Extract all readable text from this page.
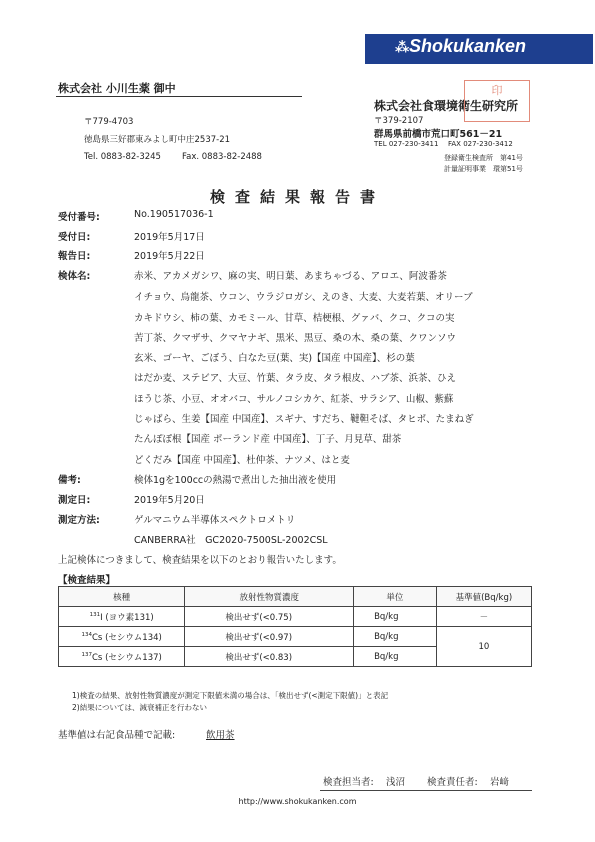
⁂ Shokukanken
株式会社 小川生薬 御中
〒779-4703
徳島県三好郡東みよし町中庄2537-21
Tel. 0883-82-3245 Fax. 0883-82-2488
株式会社食環境衛生研究所
印
〒379-2107
群馬県前橋市荒口町561－21
TEL 027-230-3411 FAX 027-230-3412
登録衛生検査所　第41号
計量証明事業　環第51号
検査結果報告書
受付番号:	No.190517036-1
受付日:	2019年5月17日
報告日:	2019年5月22日
検体名:	赤米、アカメガシワ、麻の実、明日葉、あまちゃづる、アロエ、阿波番茶
イチョウ、烏龍茶、ウコン、ウラジロガシ、えのき、大麦、大麦若葉、オリーブ
カキドウシ、柿の葉、カモミール、甘草、桔梗根、グァバ、クコ、クコの実
苦丁茶、クマザサ、クマヤナギ、黒米、黒豆、桑の木、桑の葉、クワンソウ
玄米、ゴーヤ、ごぼう、白なた豆(葉、実)【国産 中国産】、杉の葉
はだか麦、ステビア、大豆、竹葉、タラ皮、タラ根皮、ハブ茶、浜茶、ひえ
ほうじ茶、小豆、オオバコ、サルノコシカケ、紅茶、サラシア、山椒、紫蘇
じゃばら、生姜【国産 中国産】、スギナ、すだち、韃靼そば、タヒボ、たまねぎ
たんぽぽ根【国産 ポーランド産 中国産】、丁子、月見草、甜茶
どくだみ【国産 中国産】、杜仲茶、ナツメ、はと麦
備考:	検体1gを100ccの熱湯で煮出した抽出液を使用
測定日:	2019年5月20日
測定方法:	ゲルマニウム半導体スペクトロメトリ
CANBERRA社　GC2020-7500SL-2002CSL
上記検体につきまして、検査結果を以下のとおり報告いたします。
【検査結果】
核種	放射性物質濃度	単位	基準値(Bq/kg)
$^{131}$I (ヨウ素131)	検出せず(<0.75)	Bq/kg	－
$^{134}$Cs (セシウム134)	検出せず(<0.97)	Bq/kg	10
$^{137}$Cs (セシウム137)	検出せず(<0.83)	Bq/kg	
1)検査の結果、放射性物質濃度が測定下限値未満の場合は、「検出せず(<測定下限値)」と表記
2)結果については、減衰補正を行わない
基準値は右記食品種で記載:	飲用茶
検査担当者: 浅沼 検査責任者: 岩﨑
http://www.shokukanken.com
